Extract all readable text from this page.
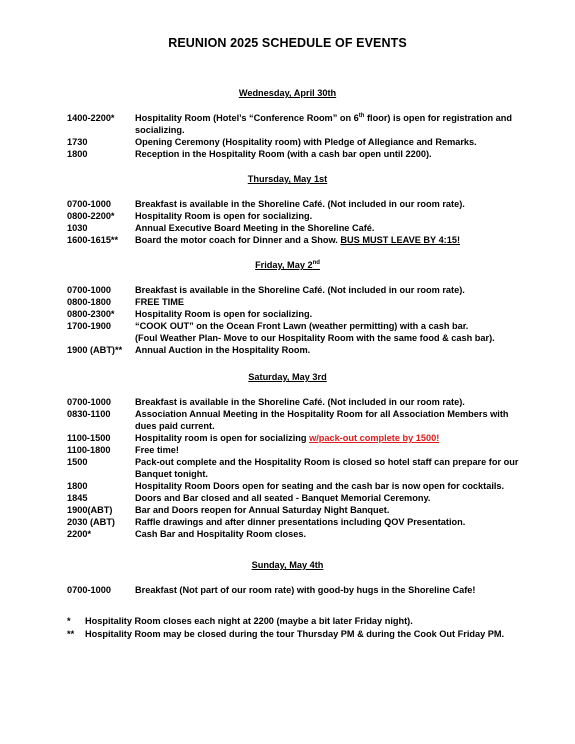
REUNION 2025 SCHEDULE OF EVENTS
Wednesday, April 30th
1400-2200*	Hospitality Room (Hotel’s “Conference Room” on 6th floor) is open for registration and socializing.
1730	Opening Ceremony (Hospitality room) with Pledge of Allegiance and Remarks.
1800	Reception in the Hospitality Room (with a cash bar open until 2200).
Thursday, May 1st
0700-1000	Breakfast is available in the Shoreline Café. (Not included in our room rate).
0800-2200*	Hospitality Room is open for socializing.
1030	Annual Executive Board Meeting in the Shoreline Café.
1600-1615**	Board the motor coach for Dinner and a Show. BUS MUST LEAVE BY 4:15!
Friday, May 2nd
0700-1000	Breakfast is available in the Shoreline Café. (Not included in our room rate).
0800-1800	FREE TIME
0800-2300*	Hospitality Room is open for socializing.
1700-1900	“COOK OUT” on the Ocean Front Lawn (weather permitting) with a cash bar.
(Foul Weather Plan- Move to our Hospitality Room with the same food & cash bar).
1900 (ABT)**	Annual Auction in the Hospitality Room.
Saturday, May 3rd
0700-1000	Breakfast is available in the Shoreline Café. (Not included in our room rate).
0830-1100	Association Annual Meeting in the Hospitality Room for all Association Members with dues paid current.
1100-1500	Hospitality room is open for socializing w/pack-out complete by 1500!
1100-1800	Free time!
1500	Pack-out complete and the Hospitality Room is closed so hotel staff can prepare for our Banquet tonight.
1800	Hospitality Room Doors open for seating and the cash bar is now open for cocktails.
1845	Doors and Bar closed and all seated - Banquet Memorial Ceremony.
1900(ABT)	Bar and Doors reopen for Annual Saturday Night Banquet.
2030 (ABT)	Raffle drawings and after dinner presentations including QOV Presentation.
2200*	Cash Bar and Hospitality Room closes.
Sunday, May 4th
0700-1000	Breakfast (Not part of our room rate) with good-by hugs in the Shoreline Cafe!
*	Hospitality Room closes each night at 2200 (maybe a bit later Friday night).
**	Hospitality Room may be closed during the tour Thursday PM & during the Cook Out Friday PM.
